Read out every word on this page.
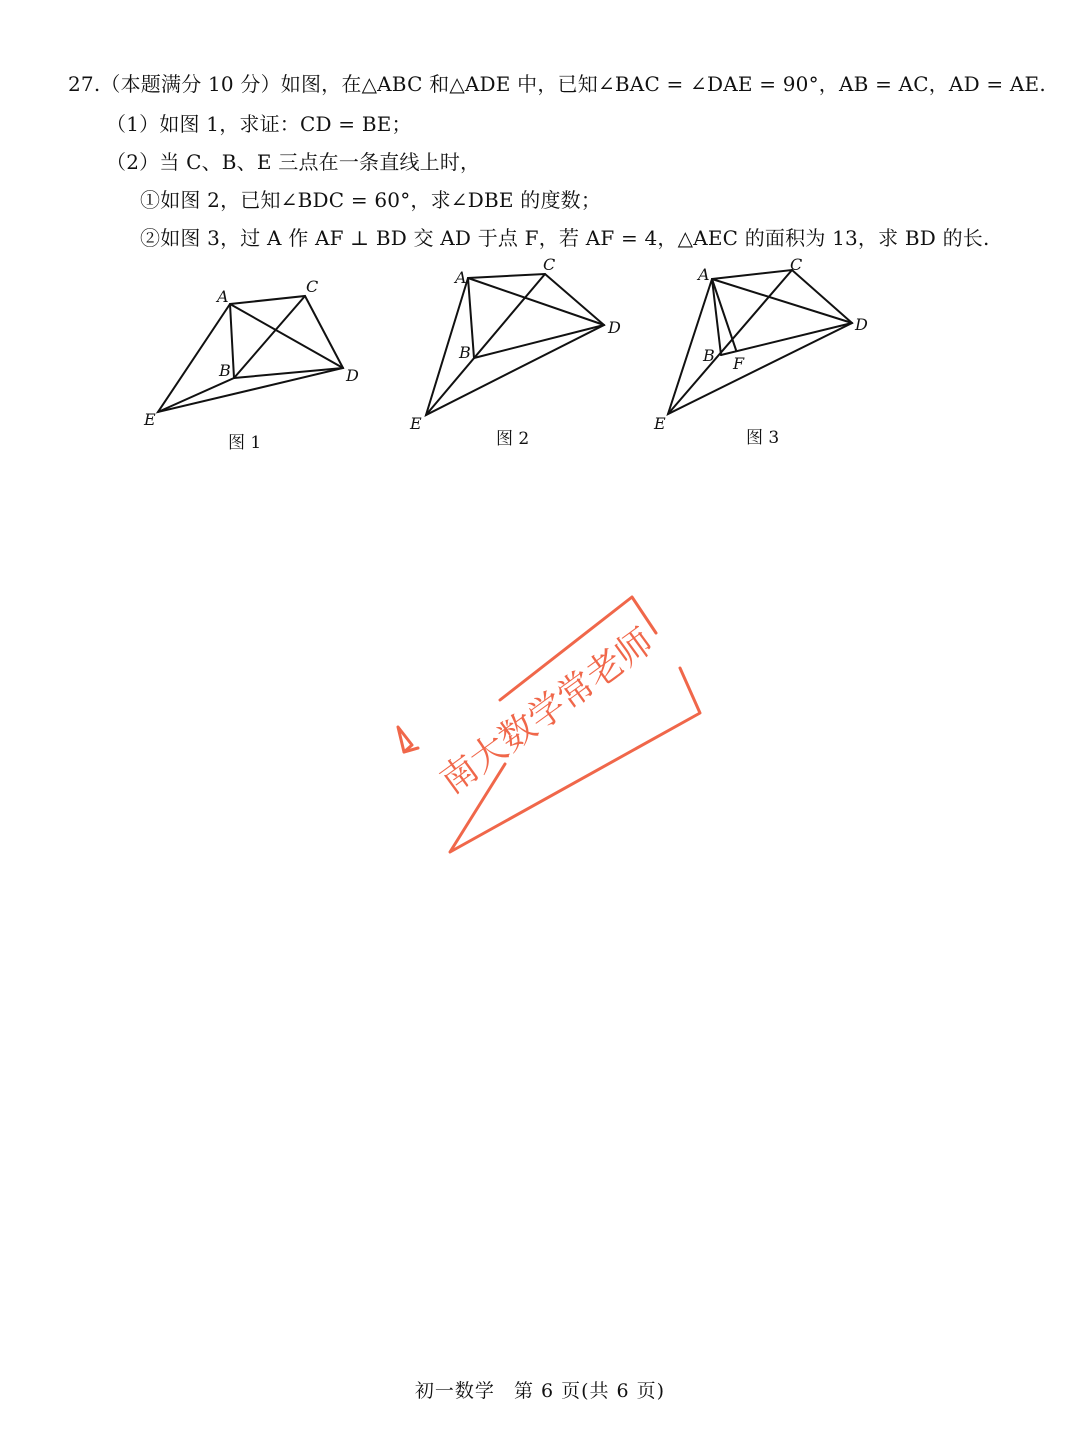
27.（本题满分 10 分）如图，在△ABC 和△ADE 中，已知∠BAC = ∠DAE = 90°，AB = AC，AD = AE.
（1）如图 1，求证：CD = BE；
（2）当 C、B、E 三点在一条直线上时，
①如图 2，已知∠BDC = 60°，求∠DBE 的度数；
②如图 3，过 A 作 AF ⊥ BD 交 AD 于点 F，若 AF = 4，△AEC 的面积为 13，求 BD 的长.
A
C
B	D
E
图 1
A
C
B
D
E
图 2
A
C
B F
D
E
图 3
南大数学常老师
初一数学 第 6 页(共 6 页)
